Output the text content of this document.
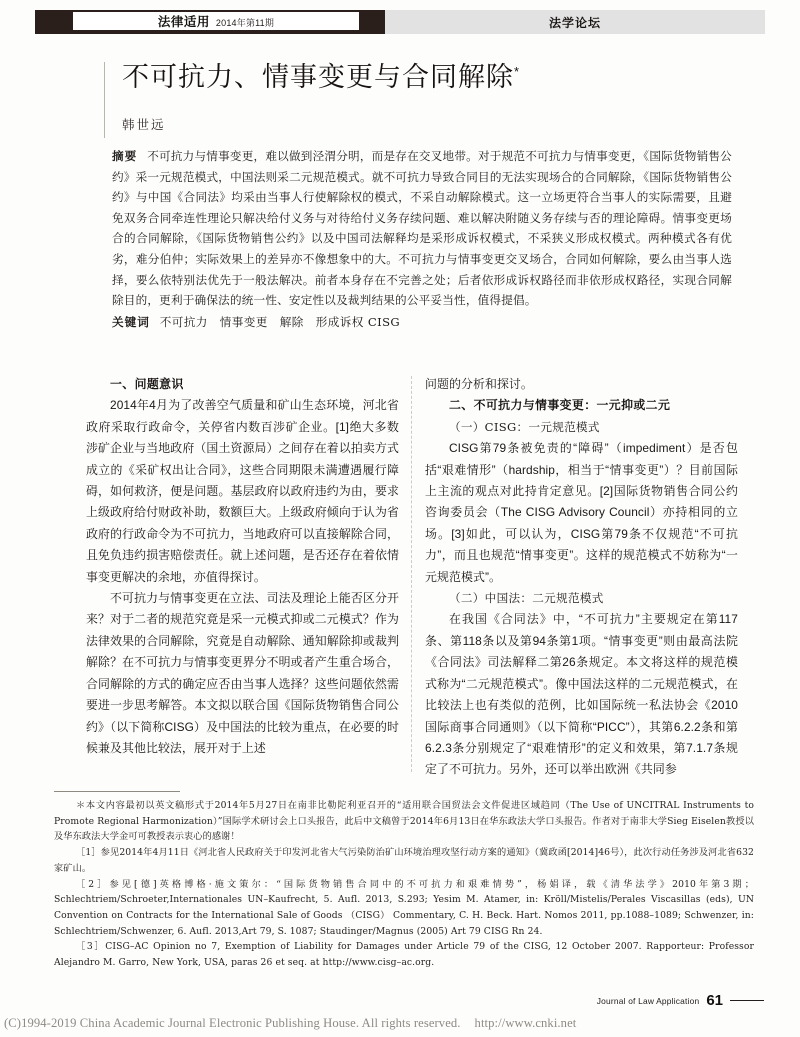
法律适用 2014年第11期	法学论坛
不可抗力、情事变更与合同解除*
韩世远

摘要 不可抗力与情事变更，难以做到泾渭分明，而是存在交叉地带。对于规范不可抗力与情事变更，《国际货物销售公约》采一元规范模式，中国法则采二元规范模式。就不可抗力导致合同目的无法实现场合的合同解除，《国际货物销售公约》与中国《合同法》均采由当事人行使解除权的模式，不采自动解除模式。这一立场更符合当事人的实际需要，且避免双务合同牵连性理论只解决给付义务与对待给付义务存续问题、难以解决附随义务存续与否的理论障碍。情事变更场合的合同解除，《国际货物销售公约》以及中国司法解释均是采形成诉权模式，不采狭义形成权模式。两种模式各有优劣，难分伯仲；实际效果上的差异亦不像想象中的大。不可抗力与情事变更交叉场合，合同如何解除，要么由当事人选择，要么依特别法优先于一般法解决。前者本身存在不完善之处；后者依形成诉权路径而非依形成权路径，实现合同解除目的，更利于确保法的统一性、安定性以及裁判结果的公平妥当性，值得提倡。

关键词 不可抗力 情事变更 解除 形成诉权 CISG

一、问题意识

2014年4月为了改善空气质量和矿山生态环境，河北省政府采取行政命令，关停省内数百涉矿企业。[1]绝大多数涉矿企业与当地政府（国土资源局）之间存在着以拍卖方式成立的《采矿权出让合同》，这些合同期限未满遭遇履行障碍，如何救济，便是问题。基层政府以政府违约为由，要求上级政府给付财政补助，数额巨大。上级政府倾向于认为省政府的行政命令为不可抗力，当地政府可以直接解除合同，且免负违约损害赔偿责任。就上述问题，是否还存在着依情事变更解决的余地，亦值得探讨。

不可抗力与情事变更在立法、司法及理论上能否区分开来？对于二者的规范究竟是采一元模式抑或二元模式？作为法律效果的合同解除，究竟是自动解除、通知解除抑或裁判解除？在不可抗力与情事变更界分不明或者产生重合场合，合同解除的方式的确定应否由当事人选择？这些问题依然需要进一步思考解答。本文拟以联合国《国际货物销售合同公约》（以下简称CISG）及中国法的比较为重点，在必要的时候兼及其他比较法，展开对于上述

问题的分析和探讨。

二、不可抗力与情事变更：一元抑或二元

（一）CISG：一元规范模式

CISG第79条被免责的“障碍”（impediment）是否包括“艰难情形”（hardship，相当于“情事变更”）？目前国际上主流的观点对此持肯定意见。[2]国际货物销售合同公约咨询委员会（The CISG Advisory Council）亦持相同的立场。[3]如此，可以认为，CISG第79条不仅规范“不可抗力”，而且也规范“情事变更”。这样的规范模式不妨称为“一元规范模式”。

（二）中国法：二元规范模式

在我国《合同法》中，“不可抗力”主要规定在第117条、第118条以及第94条第1项。“情事变更”则由最高法院《合同法》司法解释二第26条规定。本文将这样的规范模式称为“二元规范模式”。像中国法这样的二元规范模式，在比较法上也有类似的范例，比如国际统一私法协会《2010国际商事合同通则》（以下简称“PICC”），其第6.2.2条和第6.2.3条分别规定了“艰难情形”的定义和效果，第7.1.7条规定了不可抗力。另外，还可以举出欧洲《共同参

＊本文内容最初以英文稿形式于2014年5月27日在南非比勒陀利亚召开的“适用联合国贸法会文件促进区域趋同（The Use of UNCITRAL Instruments to Promote Regional Harmonization）”国际学术研讨会上口头报告，此后中文稿曾于2014年6月13日在华东政法大学口头报告。作者对于南非大学Sieg Eiselen教授以及华东政法大学金可可教授表示衷心的感谢！

［1］参见2014年4月11日《河北省人民政府关于印发河北省大气污染防治矿山环境治理攻坚行动方案的通知》（冀政函[2014]46号），此次行动任务涉及河北省632家矿山。

［2］参见[德]英格博格·施文策尔：“国际货物销售合同中的不可抗力和艰难情势”，杨娟译，载《清华法学》2010年第3期；Schlechtriem/Schroeter,Internationales UN–Kaufrecht, 5. Aufl. 2013, S.293; Yesim M. Atamer, in: Kröll/Mistelis/Perales Viscasillas (eds), UN Convention on Contracts for the International Sale of Goods （CISG） Commentary, C. H. Beck. Hart. Nomos 2011, pp.1088–1089; Schwenzer, in: Schlechtriem/Schwenzer, 6. Aufl. 2013,Art 79, S. 1087; Staudinger/Magnus (2005) Art 79 CISG Rn 24.

［3］CISG–AC Opinion no 7, Exemption of Liability for Damages under Article 79 of the CISG, 12 October 2007. Rapporteur: Professor Alejandro M. Garro, New York, USA, paras 26 et seq. at http://www.cisg–ac.org.

Journal of Law Application 61
(C)1994-2019 China Academic Journal Electronic Publishing House. All rights reserved. http://www.cnki.net
